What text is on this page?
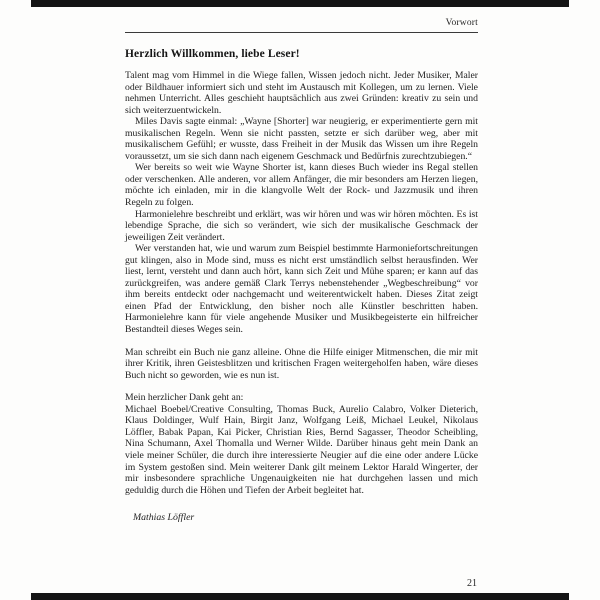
Vorwort
Herzlich Willkommen, liebe Leser!

Talent mag vom Himmel in die Wiege fallen, Wissen jedoch nicht. Jeder Musiker, Maler oder Bildhauer informiert sich und steht im Austausch mit Kollegen, um zu lernen. Viele nehmen Unterricht. Alles geschieht hauptsächlich aus zwei Gründen: kreativ zu sein und sich weiterzuentwickeln.

Miles Davis sagte einmal: „Wayne [Shorter] war neugierig, er experimentierte gern mit musikalischen Regeln. Wenn sie nicht passten, setzte er sich darüber weg, aber mit musikalischem Gefühl; er wusste, dass Freiheit in der Musik das Wissen um ihre Regeln voraussetzt, um sie sich dann nach eigenem Geschmack und Bedürfnis zurechtzubiegen.“

Wer bereits so weit wie Wayne Shorter ist, kann dieses Buch wieder ins Regal stellen oder verschenken. Alle anderen, vor allem Anfänger, die mir besonders am Herzen liegen, möchte ich einladen, mir in die klangvolle Welt der Rock- und Jazzmusik und ihren Regeln zu folgen.

Harmonielehre beschreibt und erklärt, was wir hören und was wir hören möchten. Es ist lebendige Sprache, die sich so verändert, wie sich der musikalische Geschmack der jeweiligen Zeit verändert.

Wer verstanden hat, wie und warum zum Beispiel bestimmte Harmoniefortschreitungen gut klingen, also in Mode sind, muss es nicht erst umständlich selbst herausfinden. Wer liest, lernt, versteht und dann auch hört, kann sich Zeit und Mühe sparen; er kann auf das zurückgreifen, was andere gemäß Clark Terrys nebenstehender „Wegbeschreibung“ vor ihm bereits entdeckt oder nachgemacht und weiterentwickelt haben. Dieses Zitat zeigt einen Pfad der Entwicklung, den bisher noch alle Künstler beschritten haben. Harmonielehre kann für viele angehende Musiker und Musikbegeisterte ein hilfreicher Bestandteil dieses Weges sein.

Man schreibt ein Buch nie ganz alleine. Ohne die Hilfe einiger Mitmenschen, die mir mit ihrer Kritik, ihren Geistesblitzen und kritischen Fragen weitergeholfen haben, wäre dieses Buch nicht so geworden, wie es nun ist.

Mein herzlicher Dank geht an:

Michael Boebel/Creative Consulting, Thomas Buck, Aurelio Calabro, Volker Dieterich, Klaus Doldinger, Wulf Hain, Birgit Janz, Wolfgang Leiß, Michael Leukel, Nikolaus Löffler, Babak Papan, Kai Picker, Christian Ries, Bernd Sagasser, Theodor Scheibling, Nina Schumann, Axel Thomalla und Werner Wilde. Darüber hinaus geht mein Dank an viele meiner Schüler, die durch ihre interessierte Neugier auf die eine oder andere Lücke im System gestoßen sind. Mein weiterer Dank gilt meinem Lektor Harald Wingerter, der mir insbesondere sprachliche Ungenauigkeiten nie hat durchgehen lassen und mich geduldig durch die Höhen und Tiefen der Arbeit begleitet hat.

Mathias Löffler

21
